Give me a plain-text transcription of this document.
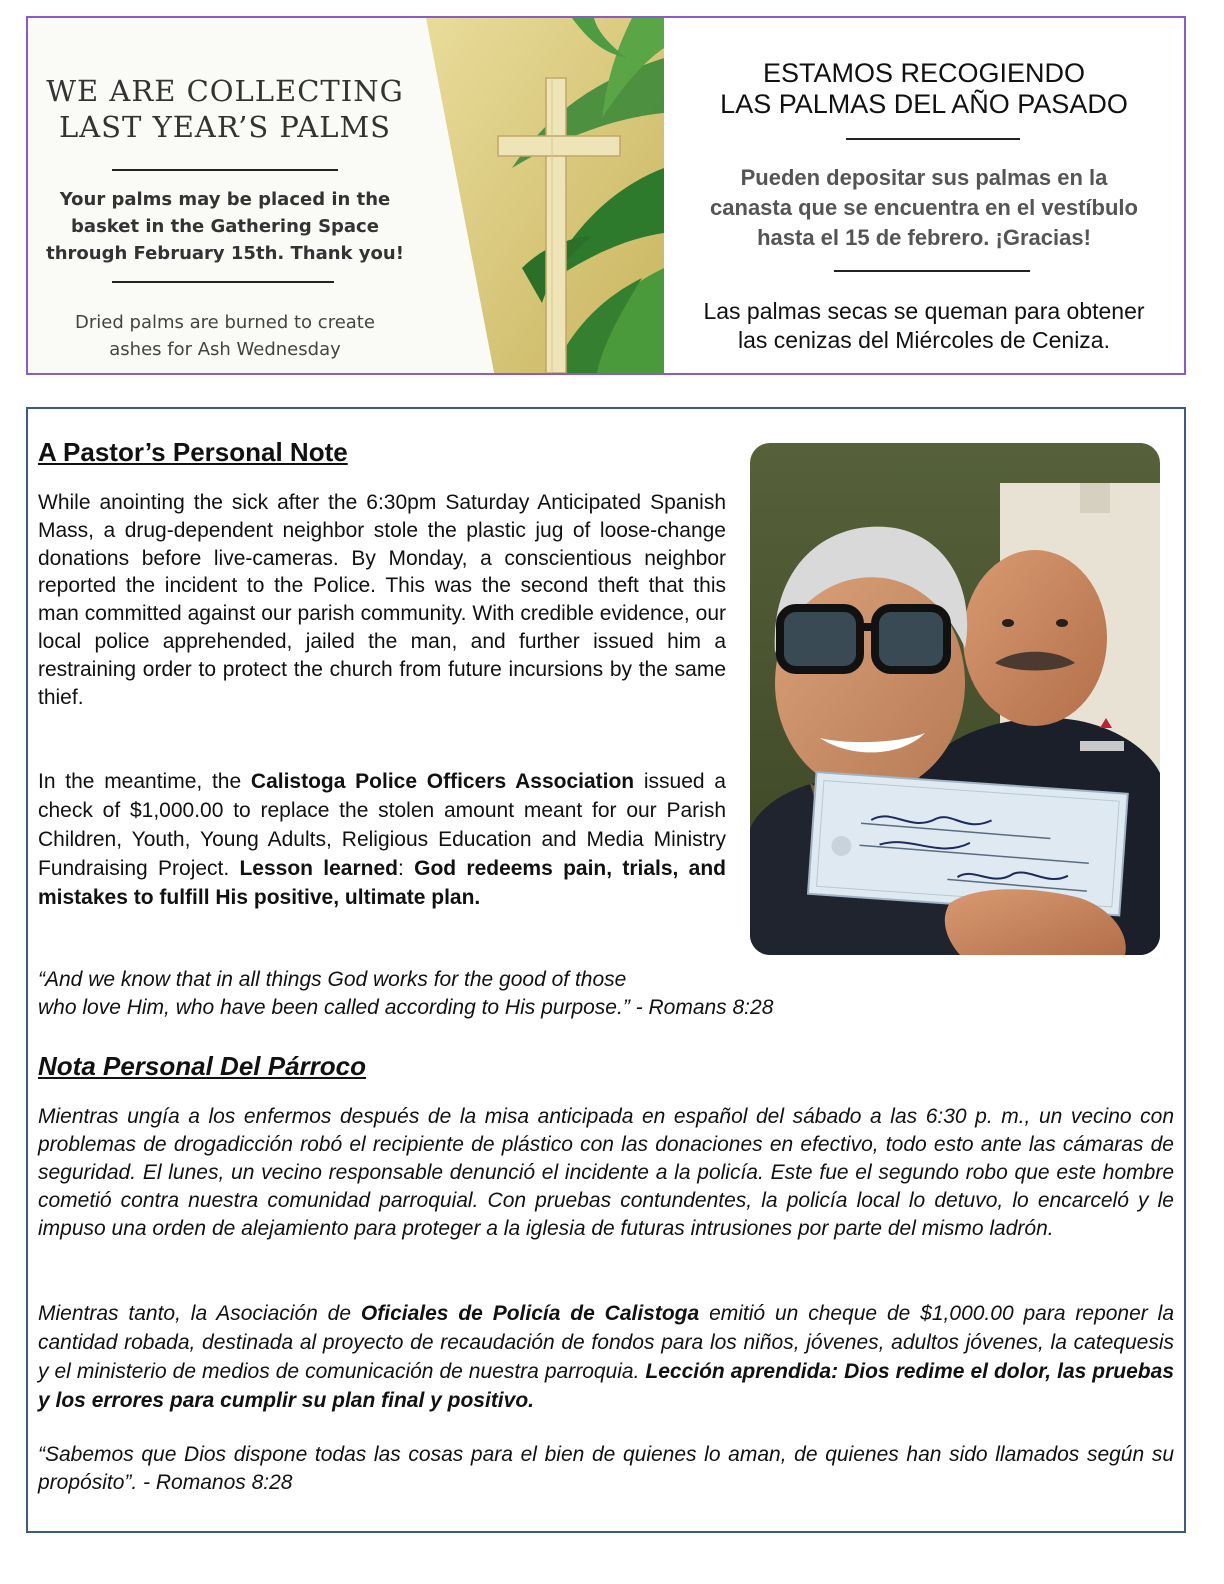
WE ARE COLLECTING
LAST YEAR’S PALMS
Your palms may be placed in the
basket in the Gathering Space
through February 15th. Thank you!
Dried palms are burned to create
ashes for Ash Wednesday
ESTAMOS RECOGIENDO
LAS PALMAS DEL AÑO PASADO
Pueden depositar sus palmas en la
canasta que se encuentra en el vestíbulo
hasta el 15 de febrero. ¡Gracias!
Las palmas secas se queman para obtener
las cenizas del Miércoles de Ceniza.
A Pastor’s Personal Note

While anointing the sick after the 6:30pm Saturday Anticipated Spanish Mass, a drug-dependent neighbor stole the plastic jug of loose-change donations before live-cameras. By Monday, a conscientious neighbor reported the incident to the Police. This was the second theft that this man committed against our parish community. With credible evidence, our local police apprehended, jailed the man, and further issued him a restraining order to protect the church from future incursions by the same thief.

In the meantime, the Calistoga Police Officers Association issued a check of $1,000.00 to replace the stolen amount meant for our Parish Children, Youth, Young Adults, Religious Education and Media Ministry Fundraising Project. Lesson learned: God redeems pain, trials, and mistakes to fulfill His positive, ultimate plan.

“And we know that in all things God works for the good of those
who love Him, who have been called according to His purpose.” - Romans 8:28
Nota Personal Del Párroco

Mientras ungía a los enfermos después de la misa anticipada en español del sábado a las 6:30 p. m., un vecino con problemas de drogadicción robó el recipiente de plástico con las donaciones en efectivo, todo esto ante las cámaras de seguridad. El lunes, un vecino responsable denunció el incidente a la policía. Este fue el segundo robo que este hombre cometió contra nuestra comunidad parroquial. Con pruebas contundentes, la policía local lo detuvo, lo encarceló y le impuso una orden de alejamiento para proteger a la iglesia de futuras intrusiones por parte del mismo ladrón.

Mientras tanto, la Asociación de Oficiales de Policía de Calistoga emitió un cheque de $1,000.00 para reponer la cantidad robada, destinada al proyecto de recaudación de fondos para los niños, jóvenes, adultos jóvenes, la catequesis y el ministerio de medios de comunicación de nuestra parroquia. Lección aprendida: Dios redime el dolor, las pruebas y los errores para cumplir su plan final y positivo.

“Sabemos que Dios dispone todas las cosas para el bien de quienes lo aman, de quienes han sido llamados según su propósito”. - Romanos 8:28
